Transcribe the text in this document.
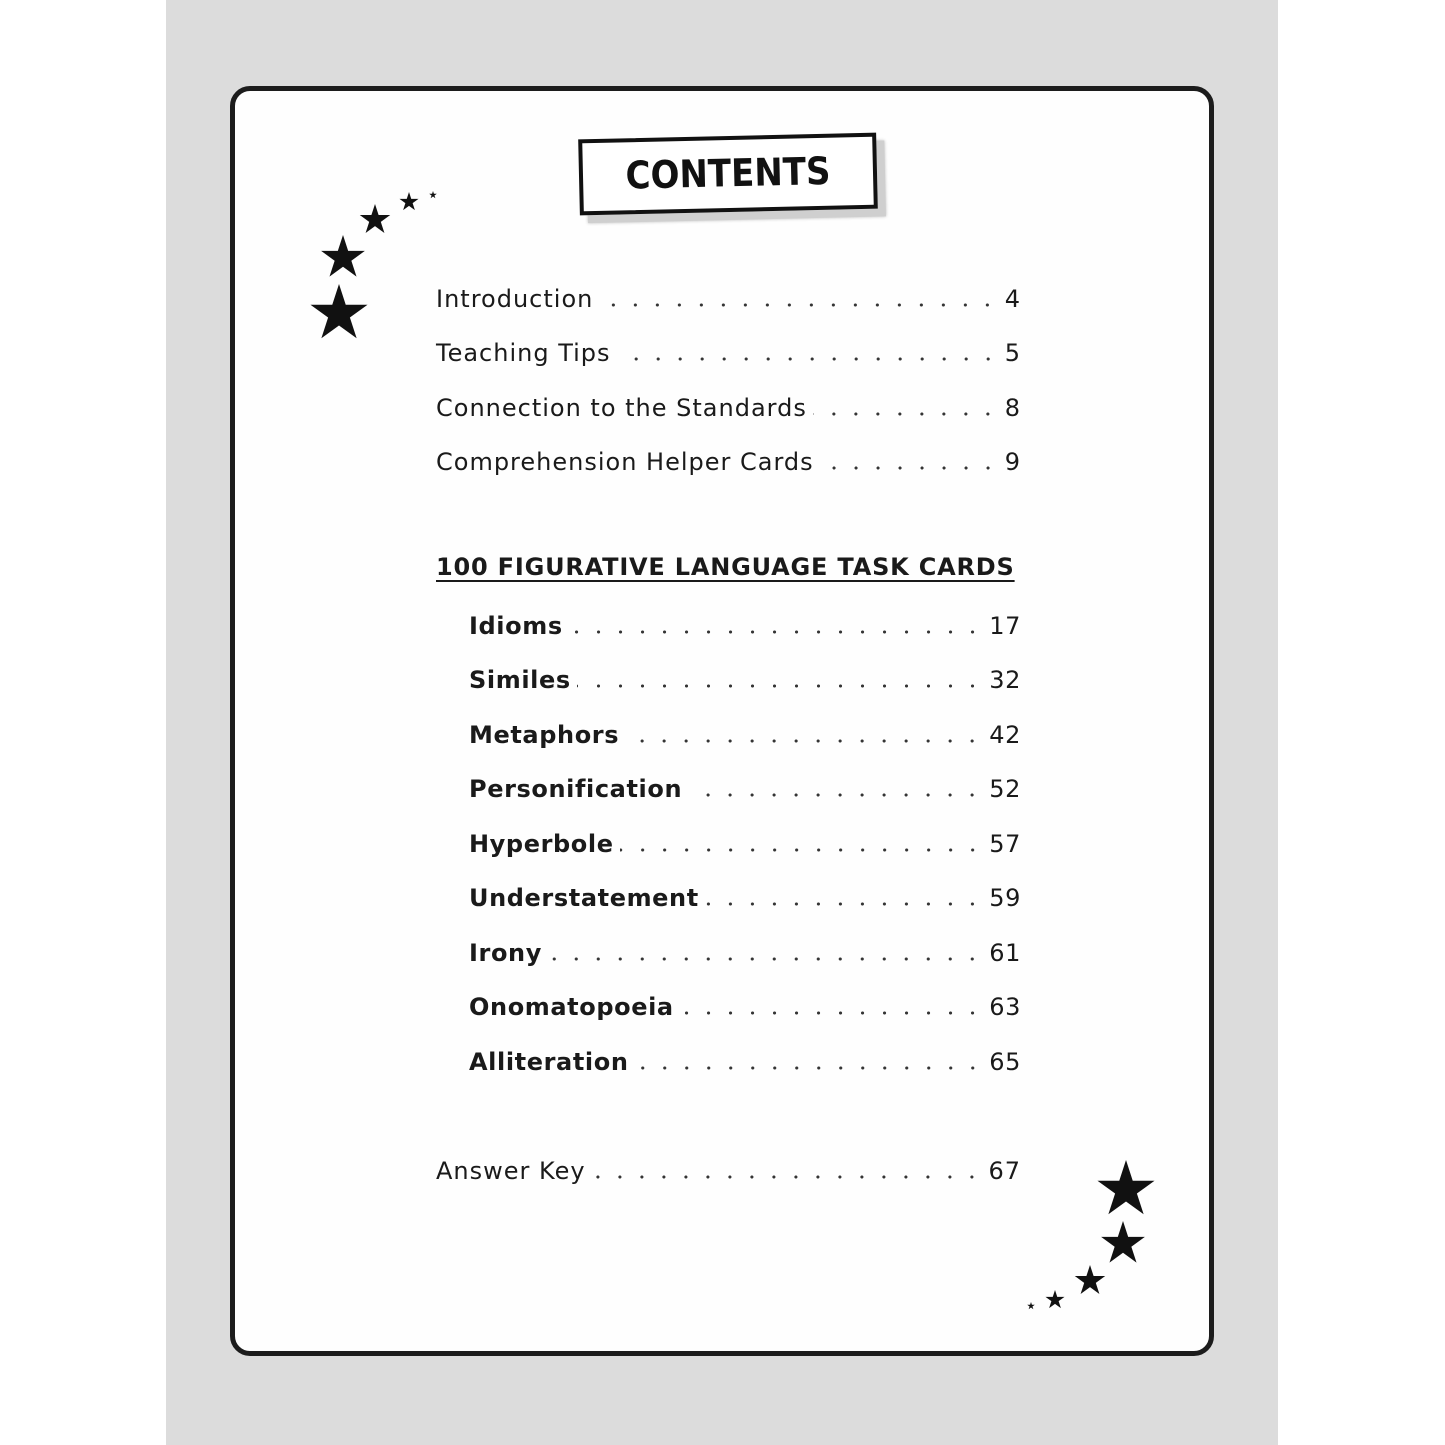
CONTENTS
Introduction	4
Teaching Tips	5
Connection to the Standards	8
Comprehension Helper Cards	9
100 FIGURATIVE LANGUAGE TASK CARDS
Idioms	17
Similes	32
Metaphors	42
Personification	52
Hyperbole	57
Understatement	59
Irony	61
Onomatopoeia	63
Alliteration	65
Answer Key	67
